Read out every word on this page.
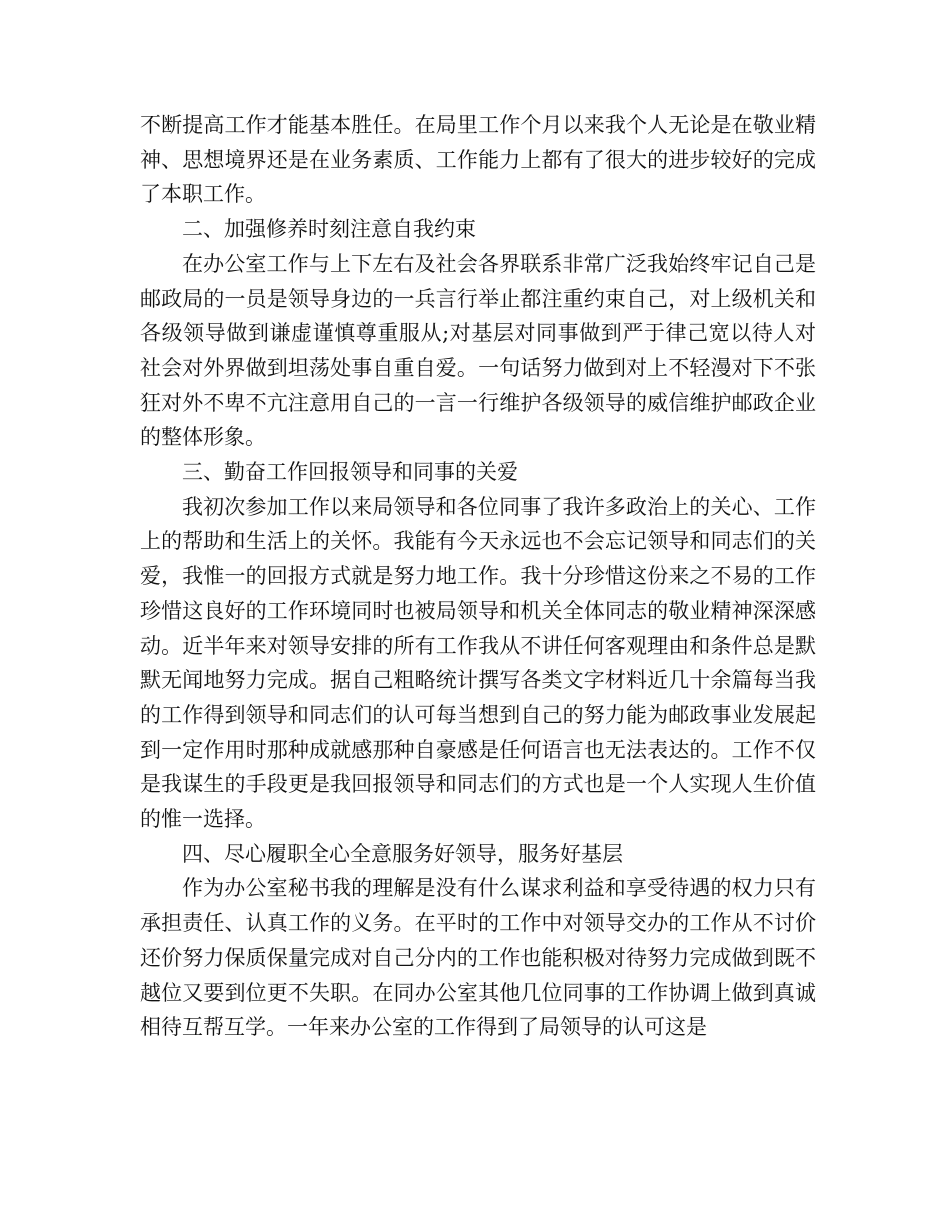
不断提高工作才能基本胜任。在局里工作个月以来我个人无论是在敬业精神、思想境界还是在业务素质、工作能力上都有了很大的进步较好的完成了本职工作。

二、加强修养时刻注意自我约束

在办公室工作与上下左右及社会各界联系非常广泛我始终牢记自己是邮政局的一员是领导身边的一兵言行举止都注重约束自己，对上级机关和各级领导做到谦虚谨慎尊重服从;对基层对同事做到严于律己宽以待人对社会对外界做到坦荡处事自重自爱。一句话努力做到对上不轻漫对下不张狂对外不卑不亢注意用自己的一言一行维护各级领导的威信维护邮政企业的整体形象。

三、勤奋工作回报领导和同事的关爱

我初次参加工作以来局领导和各位同事了我许多政治上的关心、工作上的帮助和生活上的关怀。我能有今天永远也不会忘记领导和同志们的关爱，我惟一的回报方式就是努力地工作。我十分珍惜这份来之不易的工作珍惜这良好的工作环境同时也被局领导和机关全体同志的敬业精神深深感动。近半年来对领导安排的所有工作我从不讲任何客观理由和条件总是默默无闻地努力完成。据自己粗略统计撰写各类文字材料近几十余篇每当我的工作得到领导和同志们的认可每当想到自己的努力能为邮政事业发展起到一定作用时那种成就感那种自豪感是任何语言也无法表达的。工作不仅是我谋生的手段更是我回报领导和同志们的方式也是一个人实现人生价值的惟一选择。

四、尽心履职全心全意服务好领导，服务好基层

作为办公室秘书我的理解是没有什么谋求利益和享受待遇的权力只有承担责任、认真工作的义务。在平时的工作中对领导交办的工作从不讨价还价努力保质保量完成对自己分内的工作也能积极对待努力完成做到既不越位又要到位更不失职。在同办公室其他几位同事的工作协调上做到真诚相待互帮互学。一年来办公室的工作得到了局领导的认可这是
